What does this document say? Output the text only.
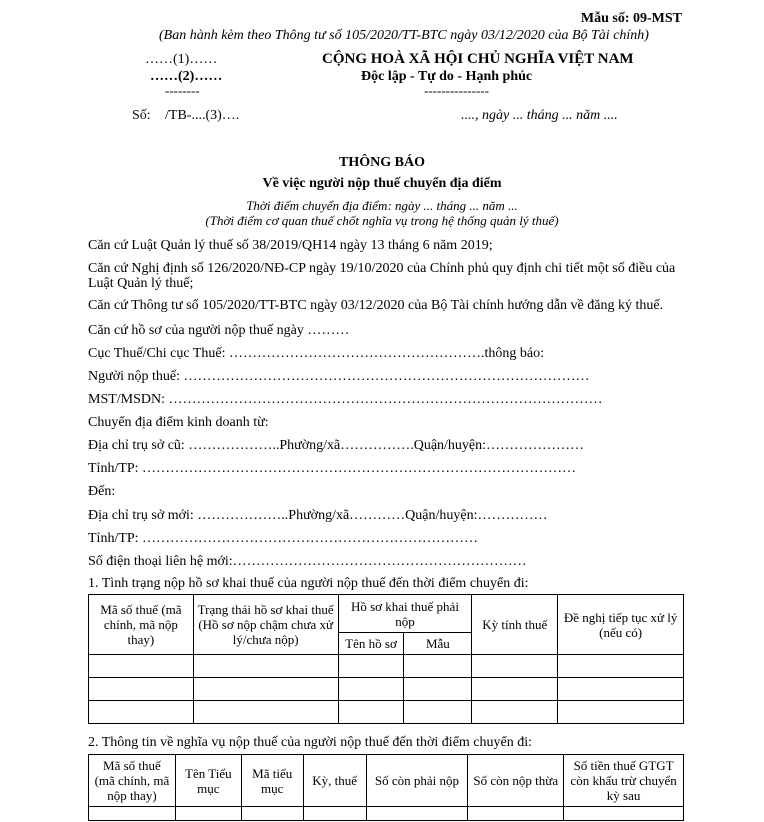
Mẫu số: 09-MST
(Ban hành kèm theo Thông tư số 105/2020/TT-BTC ngày 03/12/2020 của Bộ Tài chính)
……(1)……
……(2)……
--------
CỘNG HOÀ XÃ HỘI CHỦ NGHĨA VIỆT NAM
Độc lập - Tự do - Hạnh phúc
---------------
Số: /TB-....(3)….	...., ngày ... tháng ... năm ....
THÔNG BÁO
Về việc người nộp thuế chuyển địa điểm
Thời điểm chuyển địa điểm: ngày ... tháng ... năm ...
(Thời điểm cơ quan thuế chốt nghĩa vụ trong hệ thống quản lý thuế)
Căn cứ Luật Quản lý thuế số 38/2019/QH14 ngày 13 tháng 6 năm 2019;
Căn cứ Nghị định số 126/2020/NĐ-CP ngày 19/10/2020 của Chính phủ quy định chi tiết một số điều của
Luật Quản lý thuế;
Căn cứ Thông tư số 105/2020/TT-BTC ngày 03/12/2020 của Bộ Tài chính hướng dẫn về đăng ký thuế.
Căn cứ hồ sơ của người nộp thuế ngày ………
Cục Thuế/Chi cục Thuế: ……………………………………………….thông báo:
Người nộp thuế: ……………………………………………………………………………
MST/MSDN: …………………………………………………………………………………
Chuyển địa điểm kinh doanh từ:
Địa chỉ trụ sở cũ: ………………..Phường/xã…………….Quận/huyện:…………………
Tỉnh/TP: …………………………………………………………………………………
Đến:
Địa chỉ trụ sở mới: ………………..Phường/xã…………Quận/huyện:……………
Tỉnh/TP: ………………………………………………………………
Số điện thoại liên hệ mới:………………………………………………………
1. Tình trạng nộp hồ sơ khai thuế của người nộp thuế đến thời điểm chuyển đi:
Mã số thuế (mã chính, mã nộp thay)	Trạng thái hồ sơ khai thuế (Hồ sơ nộp chậm chưa xử lý/chưa nộp)	Hồ sơ khai thuế phải nộp		Kỳ tính thuế	Đề nghị tiếp tục xử lý (nếu có)
		Tên hồ sơ	Mẫu		

2. Thông tin về nghĩa vụ nộp thuế của người nộp thuế đến thời điểm chuyển đi:
Mã số thuế (mã chính, mã nộp thay)	Tên Tiểu mục	Mã tiểu mục	Kỳ, thuế	Số còn phải nộp	Số còn nộp thừa	Số tiền thuế GTGT còn khấu trừ chuyển kỳ sau
